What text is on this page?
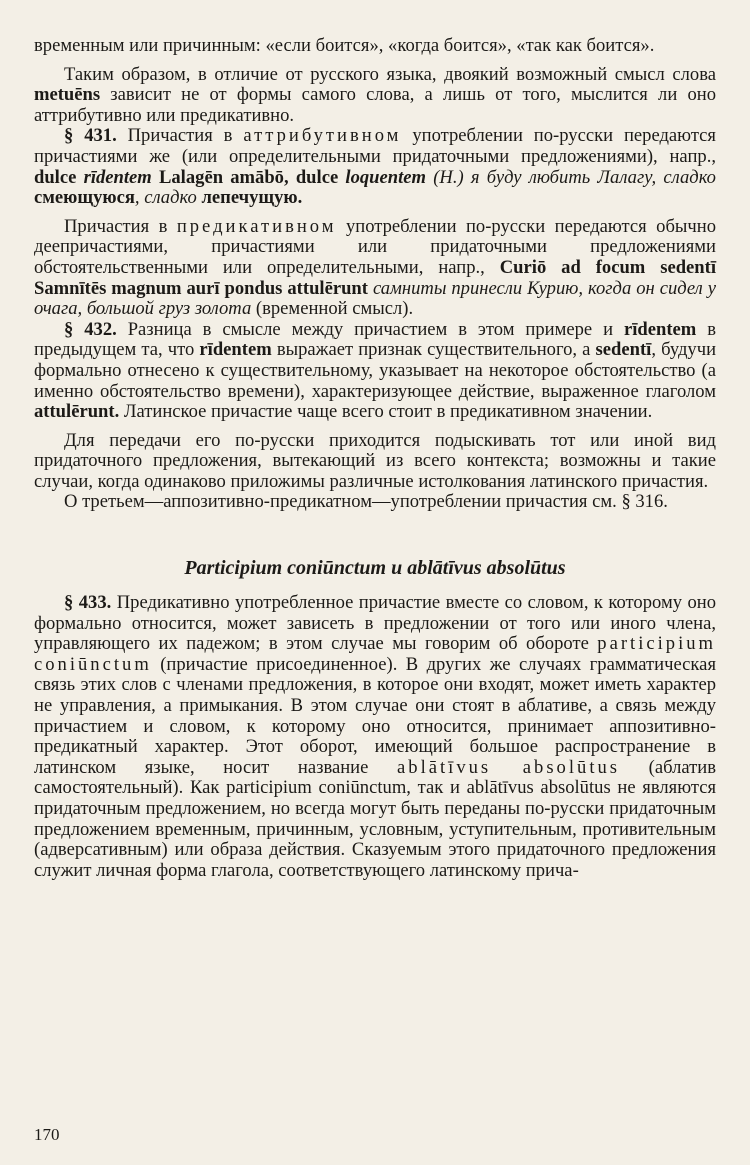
временным или причинным: «если боится», «когда боится», «так как боится».

Таким образом, в отличие от русского языка, двоякий возможный смысл слова metuēns зависит не от формы самого слова, а лишь от того, мыслится ли оно аттрибутивно или предикативно.

§ 431. Причастия в аттрибутивном употреблении по-русски передаются причастиями же (или определительными придаточными предложениями), напр., dulce rīdentem Lalagēn amābō, dulce loquentem (H.) я буду любить Лалагу, сладко смеющуюся, сладко лепечущую.

Причастия в предикативном употреблении по-русски передаются обычно деепричастиями, причастиями или придаточными предложениями обстоятельственными или определительными, напр., Curiō ad focum sedentī Samnītēs magnum aurī pondus attulērunt самниты принесли Курию, когда он сидел у очага, большой груз золота (временной смысл).

§ 432. Разница в смысле между причастием в этом примере и rīdentem в предыдущем та, что rīdentem выражает признак существительного, а sedentī, будучи формально отнесено к существительному, указывает на некоторое обстоятельство (а именно обстоятельство времени), характеризующее действие, выраженное глаголом attulērunt. Латинское причастие чаще всего стоит в предикативном значении.

Для передачи его по-русски приходится подыскивать тот или иной вид придаточного предложения, вытекающий из всего контекста; возможны и такие случаи, когда одинаково приложимы различные истолкования латинского причастия.

О третьем—аппозитивно-предикатном—употреблении причастия см. § 316.

Participium coniūnctum и ablātīvus absolūtus

§ 433. Предикативно употребленное причастие вместе со словом, к которому оно формально относится, может зависеть в предложении от того или иного члена, управляющего их падежом; в этом случае мы говорим об обороте participium coniūnctum (причастие присоединенное). В других же случаях грамматическая связь этих слов с членами предложения, в которое они входят, может иметь характер не управления, а примыкания. В этом случае они стоят в аблативе, а связь между причастием и словом, к которому оно относится, принимает аппозитивно-предикатный характер. Этот оборот, имеющий большое распространение в латинском языке, носит название ablātīvus absolūtus (аблатив самостоятельный). Как participium coniūnctum, так и ablātīvus absolūtus не являются придаточным предложением, но всегда могут быть переданы по-русски придаточным предложением временным, причинным, условным, уступительным, противительным (адверсативным) или образа действия. Сказуемым этого придаточного предложения служит личная форма глагола, соответствующего латинскому прича-

170
